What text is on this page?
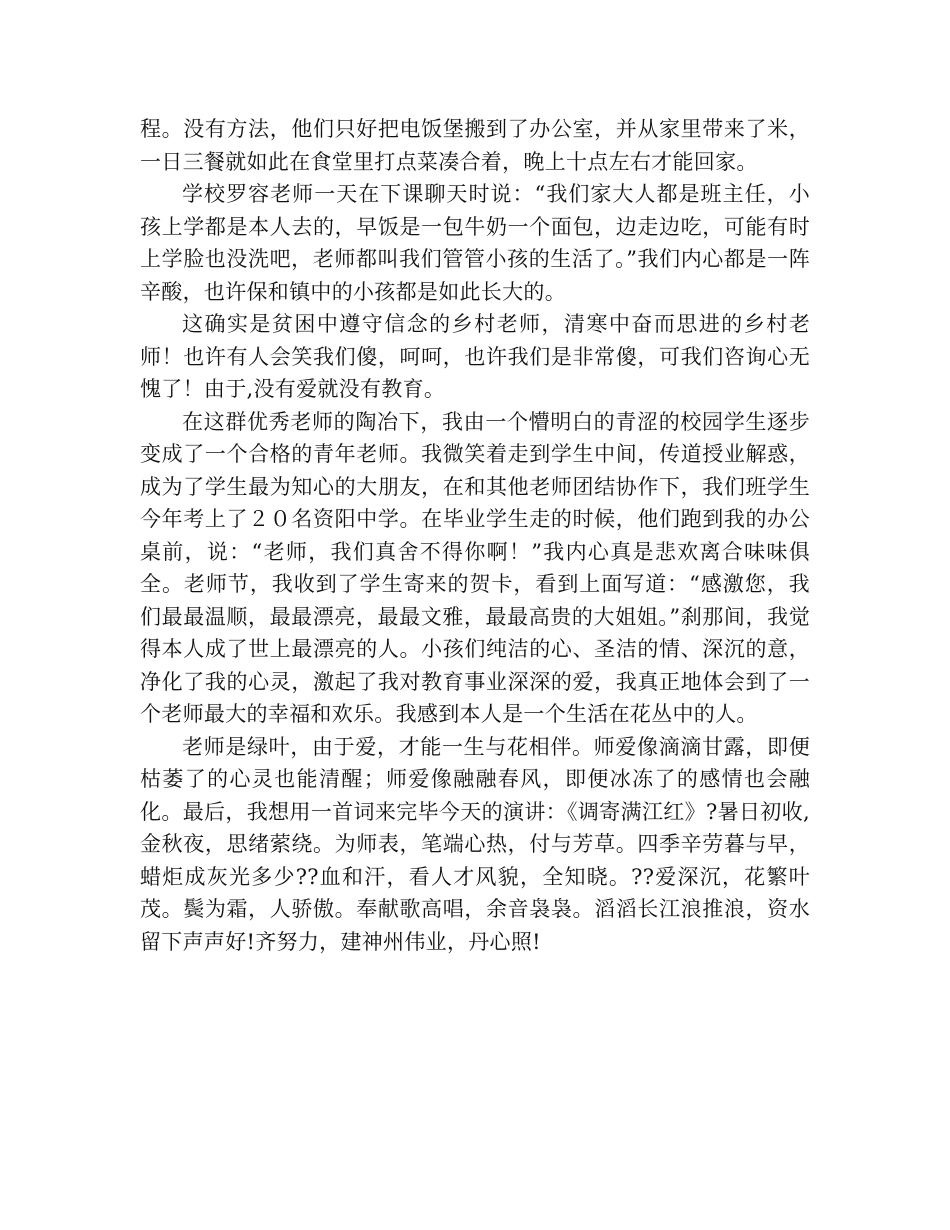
程。没有方法，他们只好把电饭堡搬到了办公室，并从家里带来了米，一日三餐就如此在食堂里打点菜凑合着，晚上十点左右才能回家。

学校罗容老师一天在下课聊天时说：“我们家大人都是班主任，小孩上学都是本人去的，早饭是一包牛奶一个面包，边走边吃，可能有时上学脸也没洗吧，老师都叫我们管管小孩的生活了。”我们内心都是一阵辛酸，也许保和镇中的小孩都是如此长大的。

这确实是贫困中遵守信念的乡村老师，清寒中奋而思进的乡村老师！也许有人会笑我们傻，呵呵，也许我们是非常傻，可我们咨询心无愧了！由于,没有爱就没有教育。

在这群优秀老师的陶冶下，我由一个懵明白的青涩的校园学生逐步变成了一个合格的青年老师。我微笑着走到学生中间，传道授业解惑，成为了学生最为知心的大朋友，在和其他老师团结协作下，我们班学生今年考上了２０名资阳中学。在毕业学生走的时候，他们跑到我的办公桌前，说：“老师，我们真舍不得你啊！”我内心真是悲欢离合味味俱全。老师节，我收到了学生寄来的贺卡，看到上面写道：“感激您，我们最最温顺，最最漂亮，最最文雅，最最高贵的大姐姐。”刹那间，我觉得本人成了世上最漂亮的人。小孩们纯洁的心、圣洁的情、深沉的意，净化了我的心灵，激起了我对教育事业深深的爱，我真正地体会到了一个老师最大的幸福和欢乐。我感到本人是一个生活在花丛中的人。

老师是绿叶，由于爱，才能一生与花相伴。师爱像滴滴甘露，即便枯萎了的心灵也能清醒；师爱像融融春风，即便冰冻了的感情也会融化。最后，我想用一首词来完毕今天的演讲：《调寄满江红》?暑日初收,金秋夜，思绪萦绕。为师表，笔端心热，付与芳草。四季辛劳暮与早，蜡炬成灰光多少??血和汗，看人才风貌，全知晓。??爱深沉，花繁叶茂。鬓为霜，人骄傲。奉献歌高唱，余音袅袅。滔滔长江浪推浪，资水留下声声好!齐努力，建神州伟业，丹心照!
